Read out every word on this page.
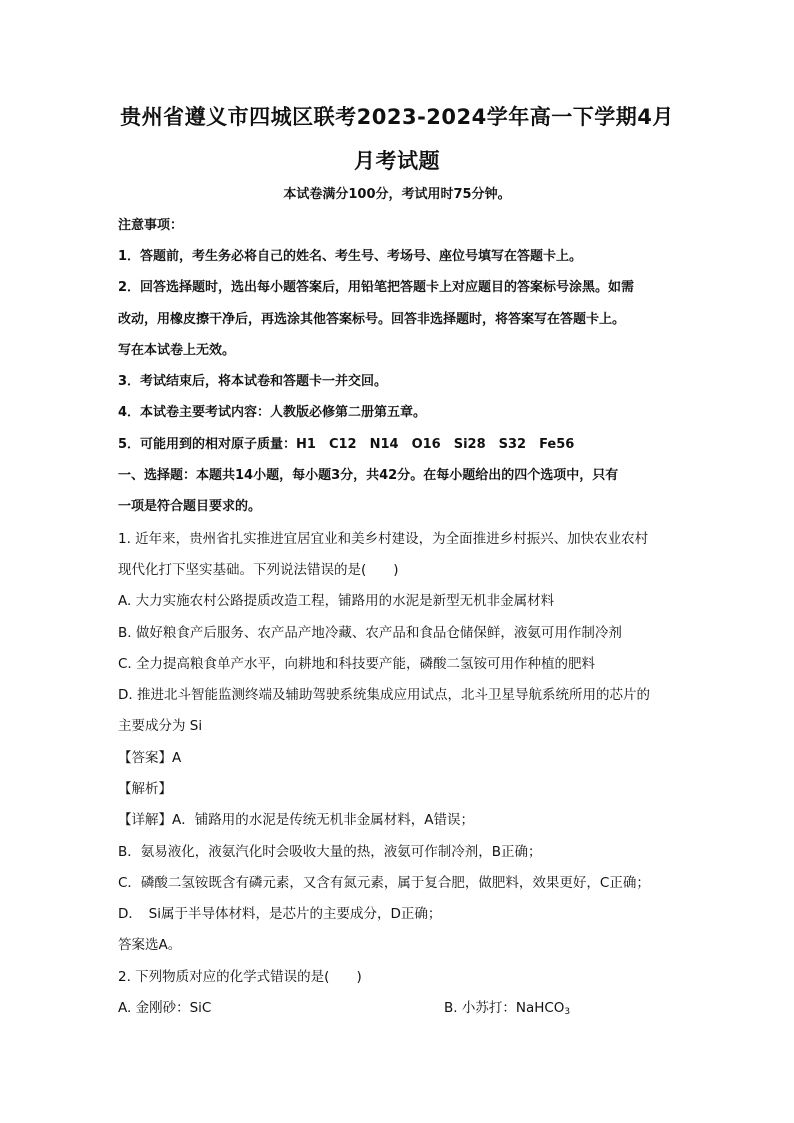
贵州省遵义市四城区联考2023-2024学年高一下学期4月
月考试题
本试卷满分100分，考试用时75分钟。
注意事项：
1．答题前，考生务必将自己的姓名、考生号、考场号、座位号填写在答题卡上。
2．回答选择题时，选出每小题答案后，用铅笔把答题卡上对应题目的答案标号涂黑。如需
改动，用橡皮擦干净后，再选涂其他答案标号。回答非选择题时，将答案写在答题卡上。
写在本试卷上无效。
3．考试结束后，将本试卷和答题卡一并交回。
4．本试卷主要考试内容：人教版必修第二册第五章。
5．可能用到的相对原子质量：H1　C12　N14　O16　Si28　S32　Fe56
一、选择题：本题共14小题，每小题3分，共42分。在每小题给出的四个选项中，只有
一项是符合题目要求的。
1. 近年来，贵州省扎实推进宜居宜业和美乡村建设，为全面推进乡村振兴、加快农业农村
现代化打下坚实基础。下列说法错误的是(　　)
A. 大力实施农村公路提质改造工程，铺路用的水泥是新型无机非金属材料
B. 做好粮食产后服务、农产品产地冷藏、农产品和食品仓储保鲜，液氨可用作制冷剂
C. 全力提高粮食单产水平，向耕地和科技要产能，磷酸二氢铵可用作种植的肥料
D. 推进北斗智能监测终端及辅助驾驶系统集成应用试点，北斗卫星导航系统所用的芯片的
主要成分为 Si
【答案】A
【解析】
【详解】A．铺路用的水泥是传统无机非金属材料，A错误；
B．氨易液化，液氨汽化时会吸收大量的热，液氨可作制冷剂，B正确；
C．磷酸二氢铵既含有磷元素，又含有氮元素，属于复合肥，做肥料，效果更好，C正确；
D．　Si属于半导体材料，是芯片的主要成分，D正确；
答案选A。
2. 下列物质对应的化学式错误的是(　　)
A. 金刚砂：SiC	B. 小苏打：NaHCO$_3$
